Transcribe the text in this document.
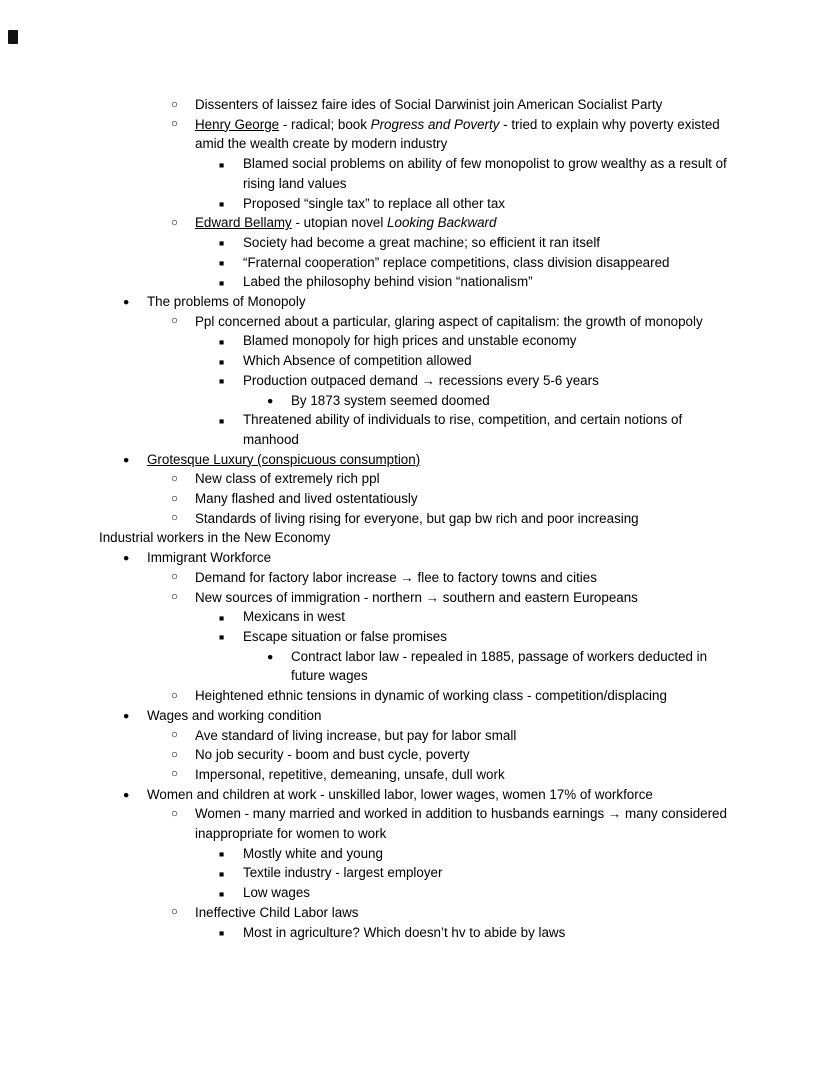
○	Dissenters of laissez faire ides of Social Darwinist join American Socialist Party
○	Henry George - radical; book Progress and Poverty - tried to explain why poverty existed amid the wealth create by modern industry
■	Blamed social problems on ability of few monopolist to grow wealthy as a result of rising land values
■	Proposed “single tax” to replace all other tax
○	Edward Bellamy - utopian novel Looking Backward
■	Society had become a great machine; so efficient it ran itself
■	“Fraternal cooperation” replace competitions, class division disappeared
■	Labed the philosophy behind vision “nationalism”
●	The problems of Monopoly
○	Ppl concerned about a particular, glaring aspect of capitalism: the growth of monopoly
■	Blamed monopoly for high prices and unstable economy
■	Which Absence of competition allowed
■	Production outpaced demand → recessions every 5-6 years
●	By 1873 system seemed doomed
■	Threatened ability of individuals to rise, competition, and certain notions of manhood
●	Grotesque Luxury (conspicuous consumption)
○	New class of extremely rich ppl
○	Many flashed and lived ostentatiously
○	Standards of living rising for everyone, but gap bw rich and poor increasing
Industrial workers in the New Economy
●	Immigrant Workforce
○	Demand for factory labor increase → flee to factory towns and cities
○	New sources of immigration - northern → southern and eastern Europeans
■	Mexicans in west
■	Escape situation or false promises
●	Contract labor law - repealed in 1885, passage of workers deducted in future wages
○	Heightened ethnic tensions in dynamic of working class - competition/displacing
●	Wages and working condition
○	Ave standard of living increase, but pay for labor small
○	No job security - boom and bust cycle, poverty
○	Impersonal, repetitive, demeaning, unsafe, dull work
●	Women and children at work - unskilled labor, lower wages, women 17% of workforce
○	Women - many married and worked in addition to husbands earnings → many considered inappropriate for women to work
■	Mostly white and young
■	Textile industry - largest employer
■	Low wages
○	Ineffective Child Labor laws
■	Most in agriculture? Which doesn’t hv to abide by laws
